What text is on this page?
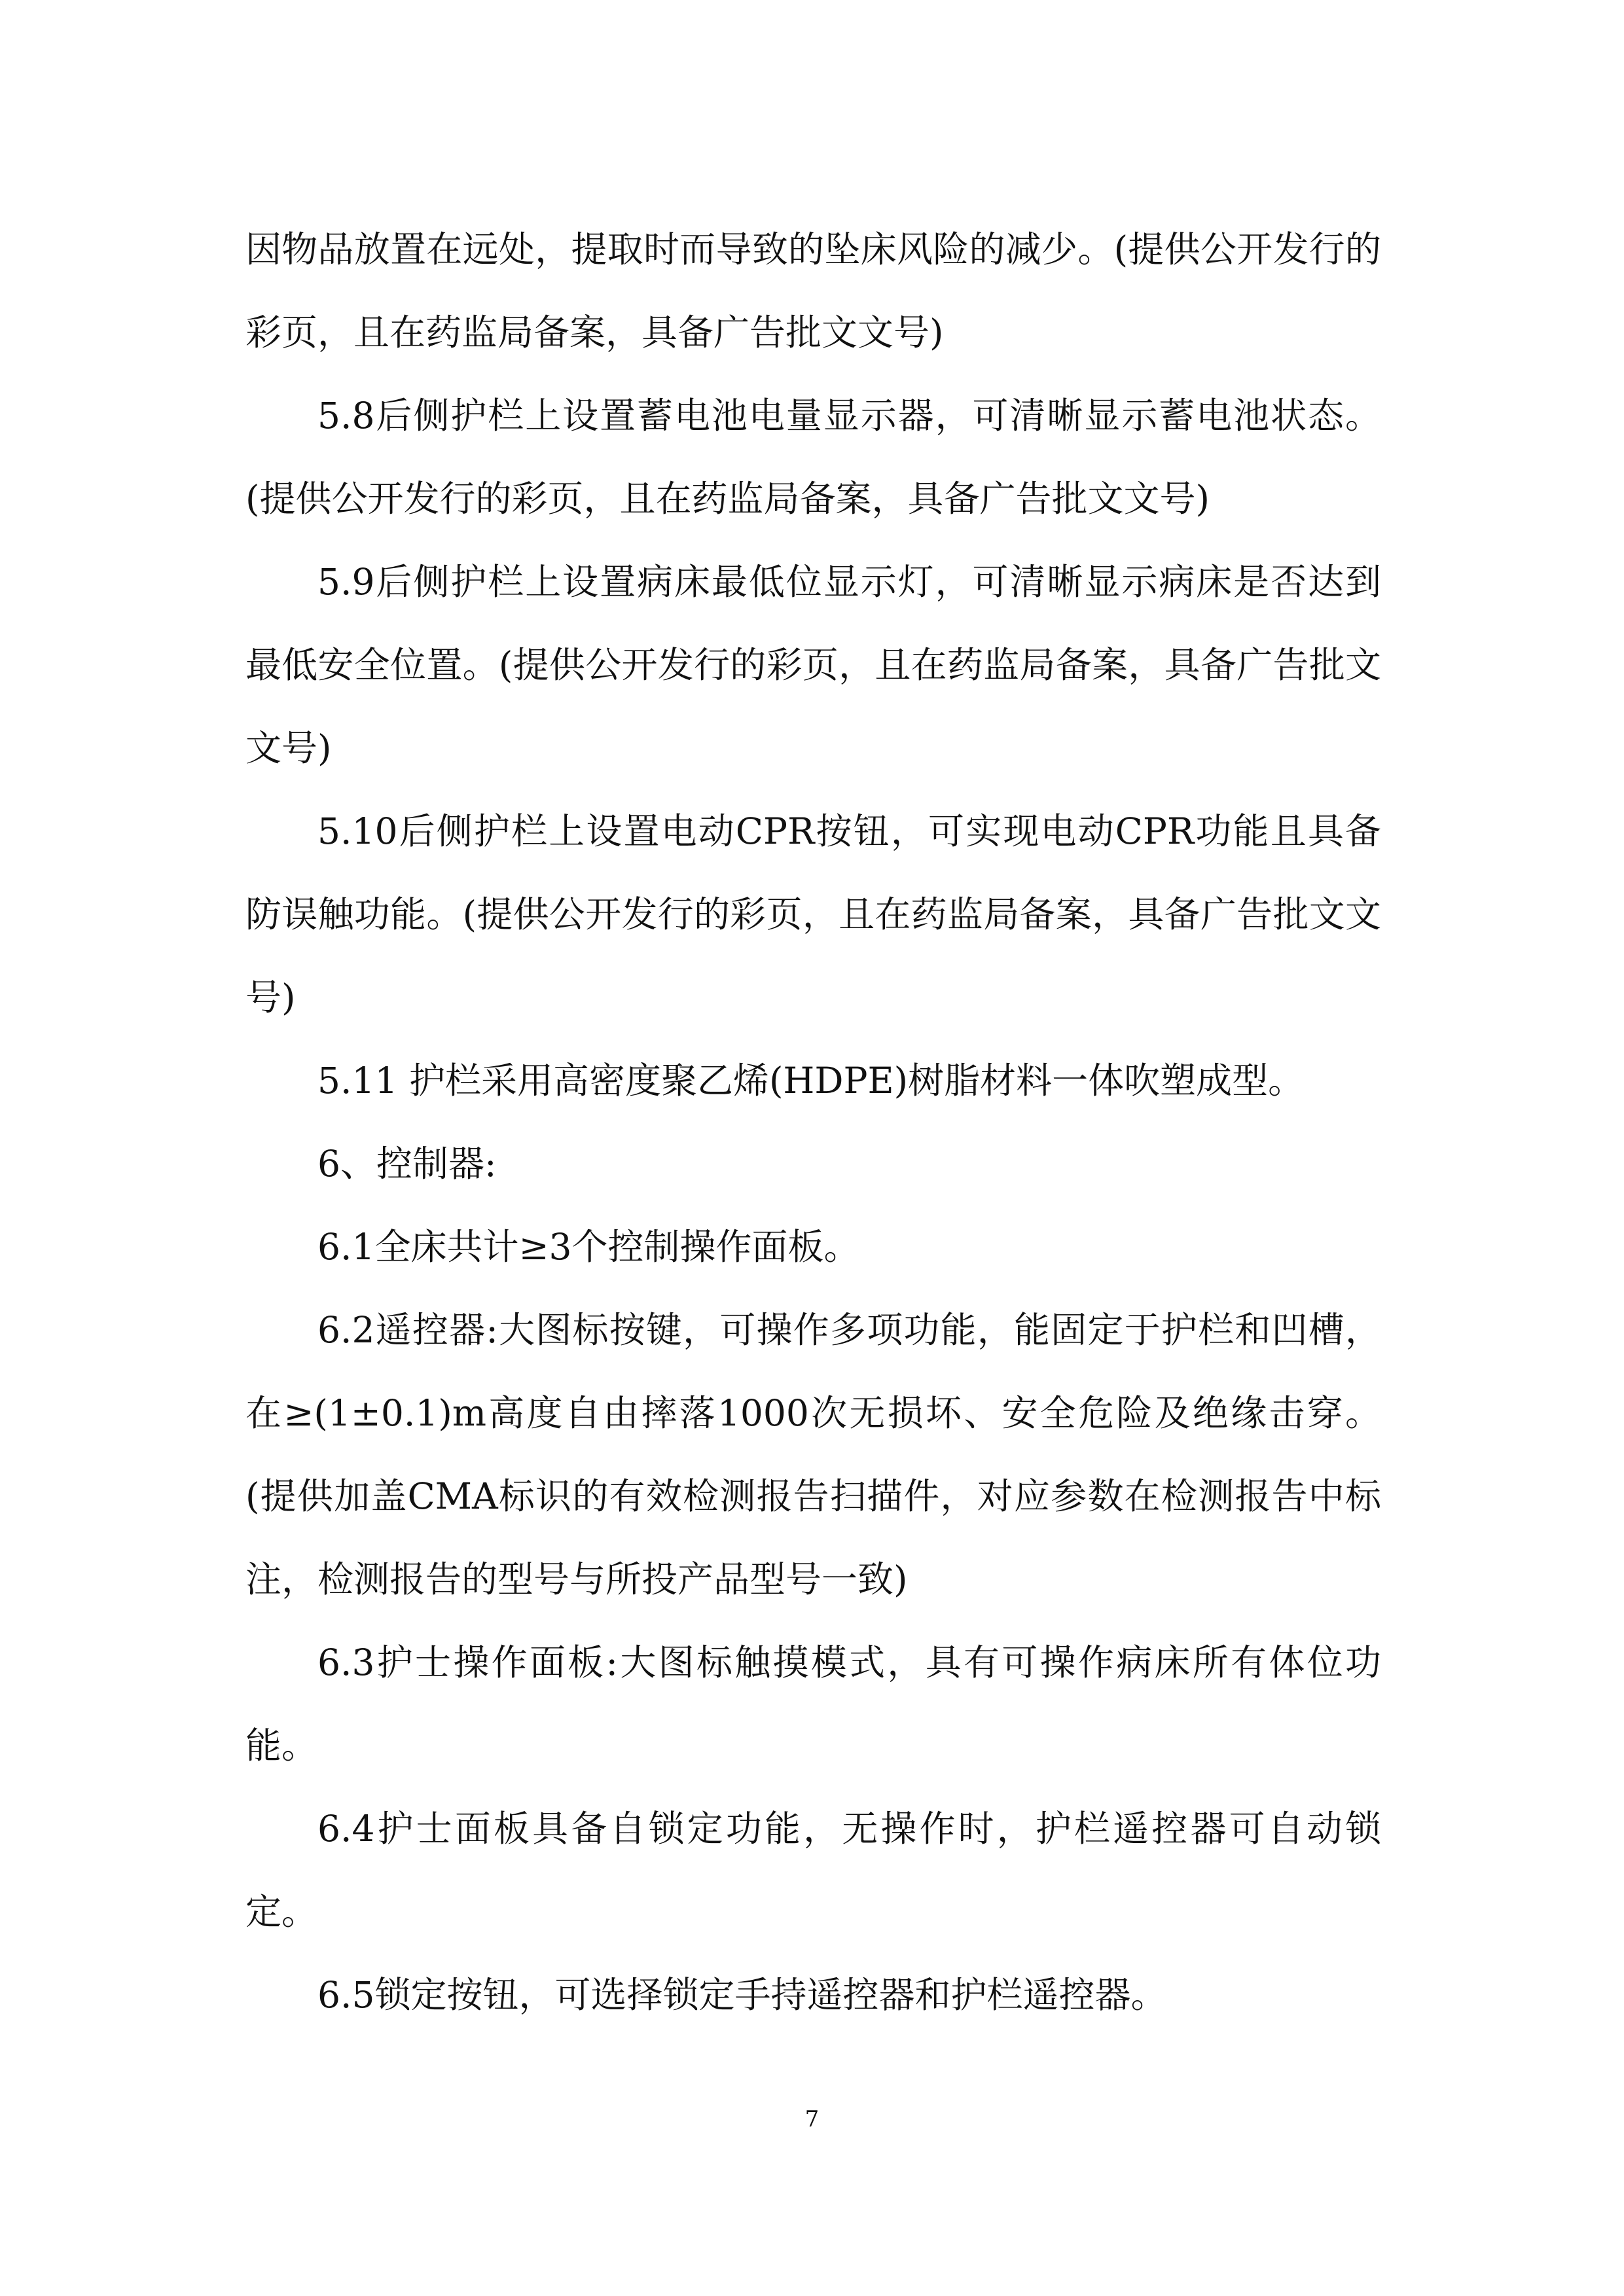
因物品放置在远处，提取时而导致的坠床风险的减少。(提供公开发行的彩页，且在药监局备案，具备广告批文文号)

5.8后侧护栏上设置蓄电池电量显示器，可清晰显示蓄电池状态。(提供公开发行的彩页，且在药监局备案，具备广告批文文号)

5.9后侧护栏上设置病床最低位显示灯，可清晰显示病床是否达到最低安全位置。(提供公开发行的彩页，且在药监局备案，具备广告批文文号)

5.10后侧护栏上设置电动CPR按钮，可实现电动CPR功能且具备防误触功能。(提供公开发行的彩页，且在药监局备案，具备广告批文文号)

5.11 护栏采用高密度聚乙烯(HDPE)树脂材料一体吹塑成型。

6、控制器:

6.1全床共计≥3个控制操作面板。

6.2遥控器:大图标按键，可操作多项功能，能固定于护栏和凹槽，在≥(1±0.1)m高度自由摔落1000次无损坏、安全危险及绝缘击穿。(提供加盖CMA标识的有效检测报告扫描件，对应参数在检测报告中标注，检测报告的型号与所投产品型号一致)

6.3护士操作面板:大图标触摸模式，具有可操作病床所有体位功能。

6.4护士面板具备自锁定功能，无操作时，护栏遥控器可自动锁定。

6.5锁定按钮，可选择锁定手持遥控器和护栏遥控器。

7
